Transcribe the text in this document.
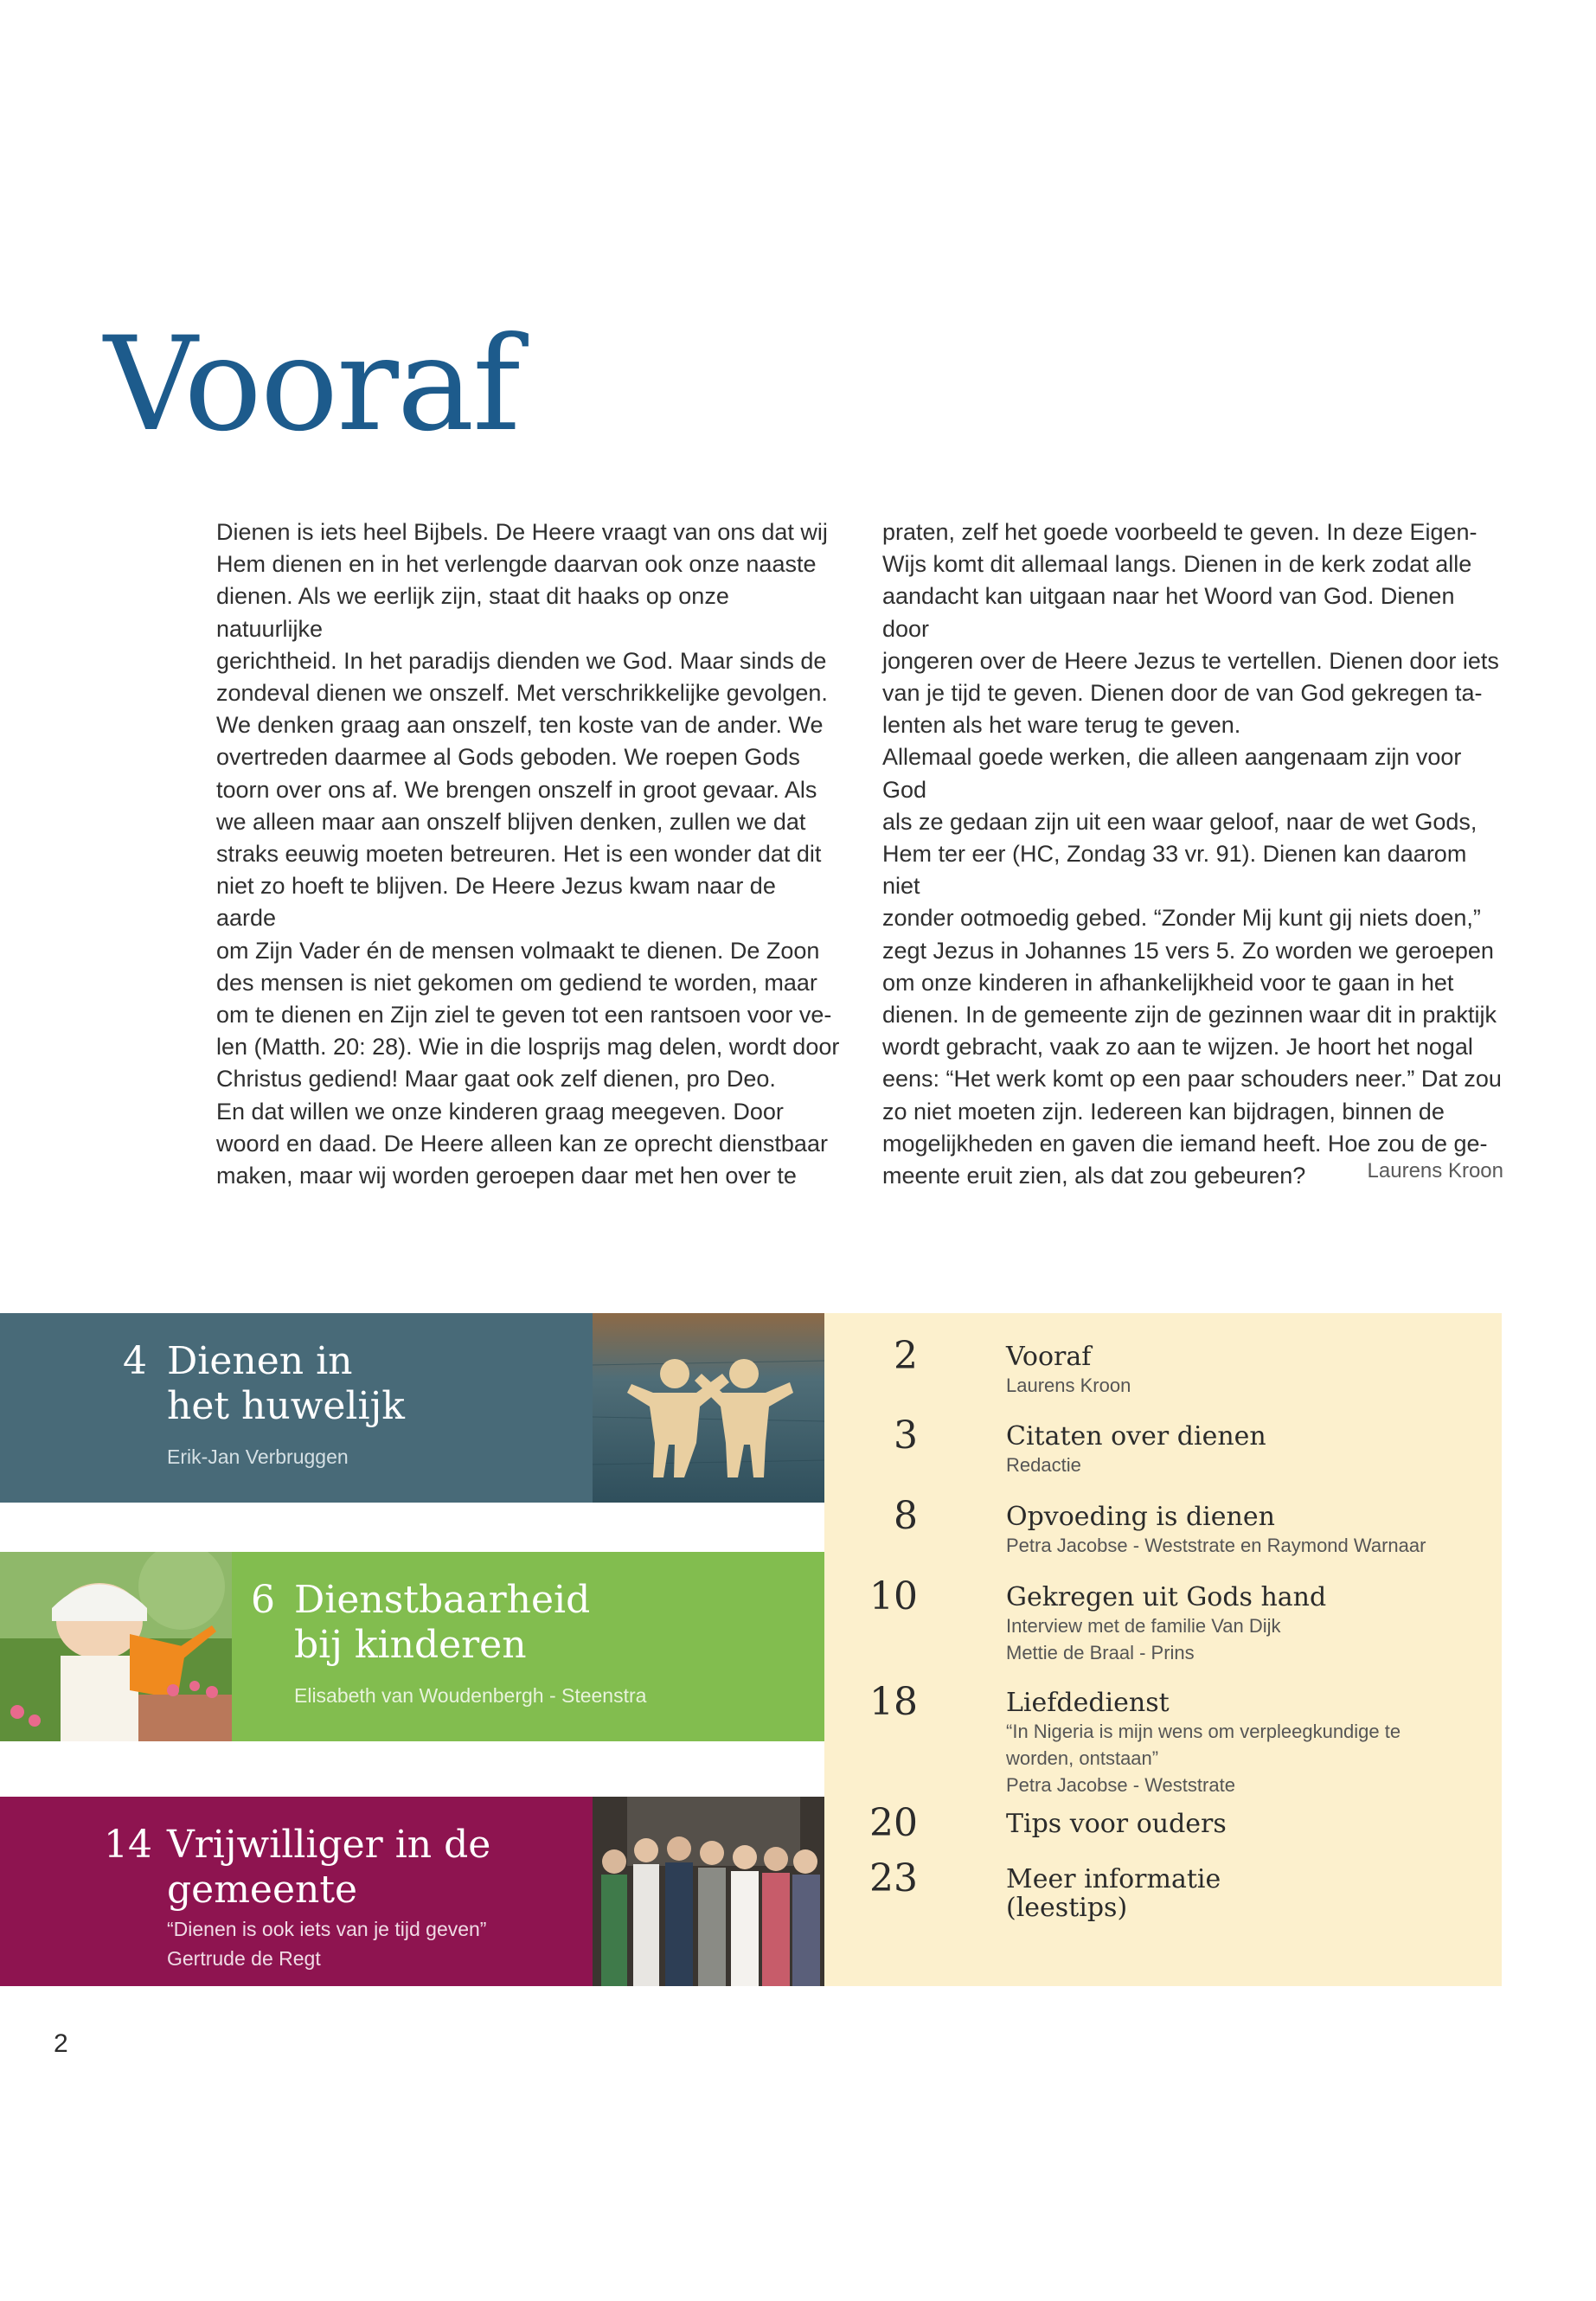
Vooraf

Dienen is iets heel Bijbels. De Heere vraagt van ons dat wij

Hem dienen en in het verlengde daarvan ook onze naaste

dienen. Als we eerlijk zijn, staat dit haaks op onze natuurlijke

gerichtheid. In het paradijs dienden we God. Maar sinds de

zondeval dienen we onszelf. Met verschrikkelijke gevolgen.

We denken graag aan onszelf, ten koste van de ander. We

overtreden daarmee al Gods geboden. We roepen Gods

toorn over ons af. We brengen onszelf in groot gevaar. Als

we alleen maar aan onszelf blijven denken, zullen we dat

straks eeuwig moeten betreuren. Het is een wonder dat dit

niet zo hoeft te blijven. De Heere Jezus kwam naar de aarde

om Zijn Vader én de mensen volmaakt te dienen. De Zoon

des mensen is niet gekomen om gediend te worden, maar

om te dienen en Zijn ziel te geven tot een rantsoen voor ve-

len (Matth. 20: 28). Wie in die losprijs mag delen, wordt door

Christus gediend! Maar gaat ook zelf dienen, pro Deo.

En dat willen we onze kinderen graag meegeven. Door

woord en daad. De Heere alleen kan ze oprecht dienstbaar

maken, maar wij worden geroepen daar met hen over te

praten, zelf het goede voorbeeld te geven. In deze Eigen-

Wijs komt dit allemaal langs. Dienen in de kerk zodat alle

aandacht kan uitgaan naar het Woord van God. Dienen door

jongeren over de Heere Jezus te vertellen. Dienen door iets

van je tijd te geven. Dienen door de van God gekregen ta-

lenten als het ware terug te geven.

Allemaal goede werken, die alleen aangenaam zijn voor God

als ze gedaan zijn uit een waar geloof, naar de wet Gods,

Hem ter eer (HC, Zondag 33 vr. 91). Dienen kan daarom niet

zonder ootmoedig gebed. “Zonder Mij kunt gij niets doen,”

zegt Jezus in Johannes 15 vers 5. Zo worden we geroepen

om onze kinderen in afhankelijkheid voor te gaan in het

dienen. In de gemeente zijn de gezinnen waar dit in praktijk

wordt gebracht, vaak zo aan te wijzen. Je hoort het nogal

eens: “Het werk komt op een paar schouders neer.” Dat zou

zo niet moeten zijn. Iedereen kan bijdragen, binnen de

mogelijkheden en gaven die iemand heeft. Hoe zou de ge-

meente eruit zien, als dat zou gebeuren?	Laurens Kroon
4 Dienen in
het huwelijk
Erik-Jan Verbruggen
6 Dienstbaarheid
bij kinderen
Elisabeth van Woudenbergh - Steenstra
14 Vrijwilliger in de
gemeente
“Dienen is ook iets van je tijd geven”
Gertrude de Regt
2	Vooraf
Laurens Kroon
3	Citaten over dienen
Redactie
8	Opvoeding is dienen
Petra Jacobse - Weststrate en Raymond Warnaar
10	Gekregen uit Gods hand
Interview met de familie Van Dijk
Mettie de Braal - Prins
18	Liefdedienst
“In Nigeria is mijn wens om verpleegkundige te
worden, ontstaan”
Petra Jacobse - Weststrate
20	Tips voor ouders
23	Meer informatie
(leestips)
2
